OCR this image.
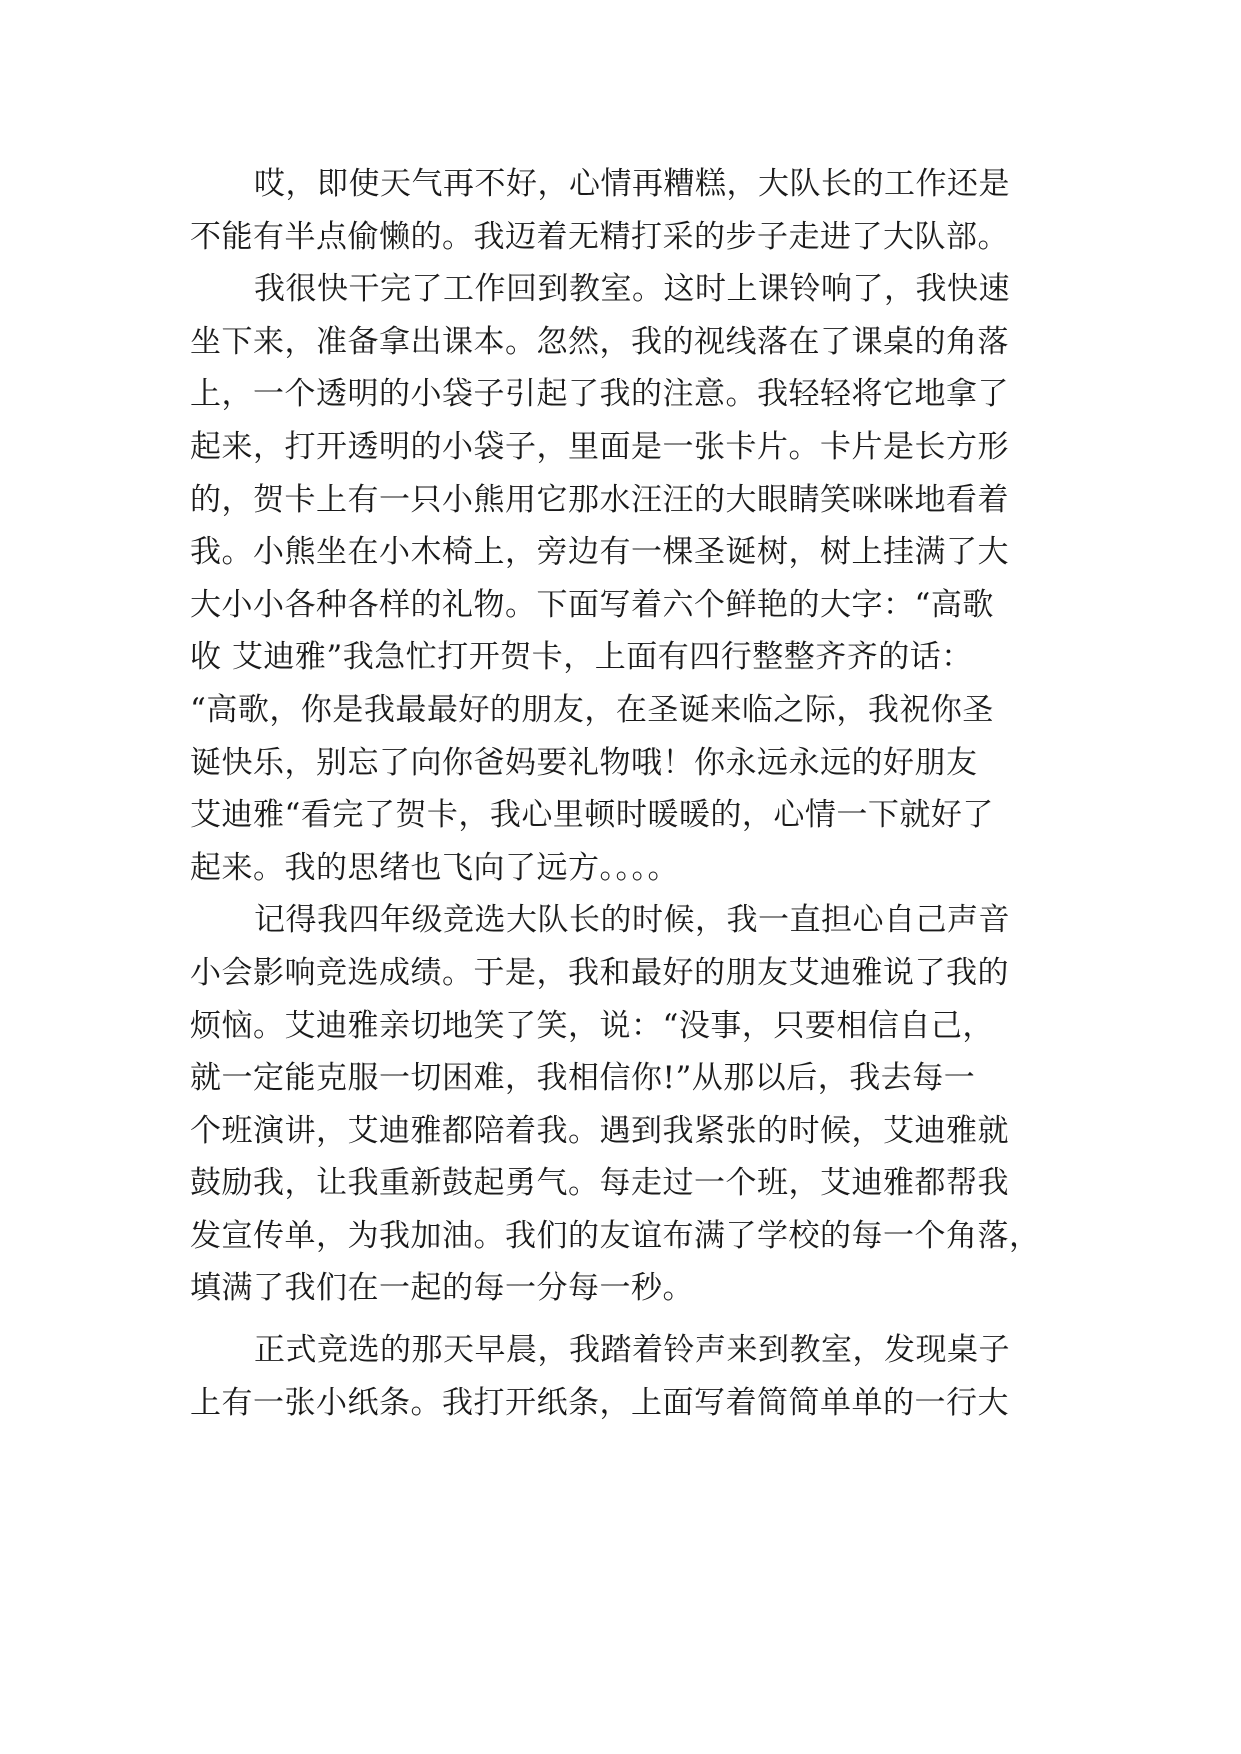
哎，即使天气再不好，心情再糟糕，大队长的工作还是
不能有半点偷懒的。我迈着无精打采的步子走进了大队部。
我很快干完了工作回到教室。这时上课铃响了，我快速
坐下来，准备拿出课本。忽然，我的视线落在了课桌的角落
上，一个透明的小袋子引起了我的注意。我轻轻将它地拿了
起来，打开透明的小袋子，里面是一张卡片。卡片是长方形
的，贺卡上有一只小熊用它那水汪汪的大眼睛笑咪咪地看着
我。小熊坐在小木椅上，旁边有一棵圣诞树，树上挂满了大
大小小各种各样的礼物。下面写着六个鲜艳的大字：“高歌
收 艾迪雅”我急忙打开贺卡，上面有四行整整齐齐的话：
“高歌，你是我最最好的朋友，在圣诞来临之际，我祝你圣
诞快乐，别忘了向你爸妈要礼物哦！你永远永远的好朋友
艾迪雅“看完了贺卡，我心里顿时暖暖的，心情一下就好了
起来。我的思绪也飞向了远方。。。。
记得我四年级竞选大队长的时候，我一直担心自己声音
小会影响竞选成绩。于是，我和最好的朋友艾迪雅说了我的
烦恼。艾迪雅亲切地笑了笑，说：“没事，只要相信自己，
就一定能克服一切困难，我相信你!”从那以后，我去每一
个班演讲，艾迪雅都陪着我。遇到我紧张的时候，艾迪雅就
鼓励我，让我重新鼓起勇气。每走过一个班，艾迪雅都帮我
发宣传单，为我加油。我们的友谊布满了学校的每一个角落，
填满了我们在一起的每一分每一秒。
正式竞选的那天早晨，我踏着铃声来到教室，发现桌子
上有一张小纸条。我打开纸条，上面写着简简单单的一行大
